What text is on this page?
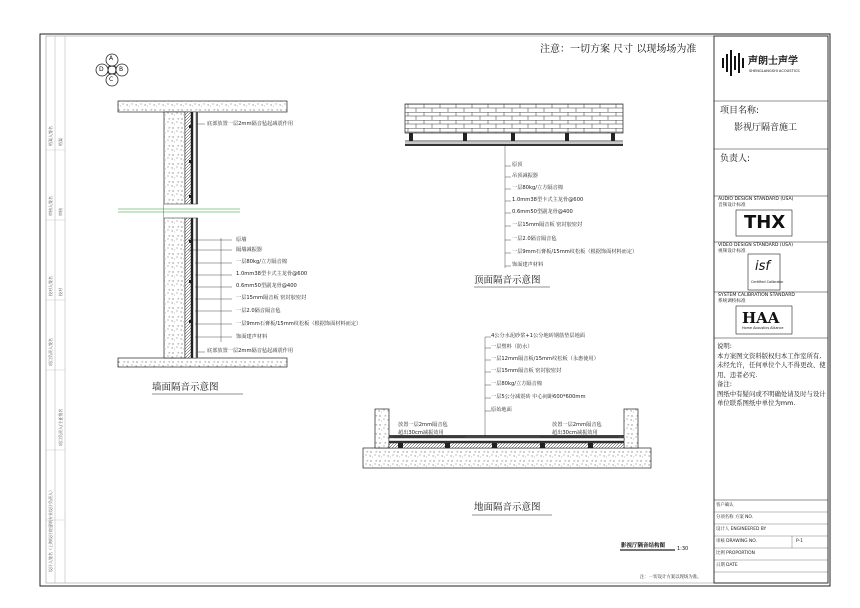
A
B
C
D
注意：一切方案 尺寸 以现场场为准
底部放置一层2mm隔音毡起减震作用
底部放置一层2mm隔音毡起减震作用
原墙
隔墙减振器
一层80kg/立方隔音棉
1.0mm38型卡式主龙骨@600
0.6mm50型副龙骨@400
一层15mm隔音板 密封胶密封
一层2.0隔音隔音毡
一层9mm石膏板/15mm纹松板（根据饰面材料而定）
饰面建声材料
墙面隔音示意图
原顶
吊顶减振器
一层80kg/立方隔音棉
1.0mm38型卡式主龙骨@600
0.6mm50型副龙骨@400
一层15mm隔音板 密封胶密封
一层2.0隔音隔音毡
一层9mm石膏板/15mm纹松板（根据饰面材料而定）
饰面建声材料
顶面隔音示意图
4公分水泥砂浆+1公分地砖钢筋垫层地面
一层塑料（防水）
一层12mm隔音板/15mm纹松板（永惠使用）
一层15mm隔音板 密封胶密封
一层80kg/立方隔音棉
一层5公分减震砖 中心间距600*600mm
原始地面
放置一层2mm隔音毡
超出30cm减振效用
放置一层2mm隔音毡
超出30cm减振效用
地面隔音示意图
影视厅隔音结构图 1:30
声朗士声学
SHENGLANGSHI ACOUSTICS
项目名称:
影视厅隔音施工
负责人:
AUDIO DESIGN STANDARD (USA)
音频设计标准
THX
VIDEO DESIGN STANDARD (USA)
视频设计标准
isf
Certified Calibrator
SYSTEM CALIBRATION STANDARD
系统调校标准
HAA
Home Acoustics Alliance
说明:
本方案图文资料版权归本工作室所有,
未经允许，任何单位个人不得更改、使用、违者必究.
备注:
图纸中有疑问或不明确处请及时与设计
单位联系图纸中单位为mm.
客户确认
分项名称 方案 NO.
设计人 ENGINEERED BY
审核 DRAWING NO.	P-1
比例 PROPORTION
日期 DATE
注：一切设计方案以现场为准。
档案人签名 档案
审核人签名 审核
校对人签名 校对
项目负责人签名
项目负责人/主任签名
设计人签名（上海设计院建筑专业设计负责人）
